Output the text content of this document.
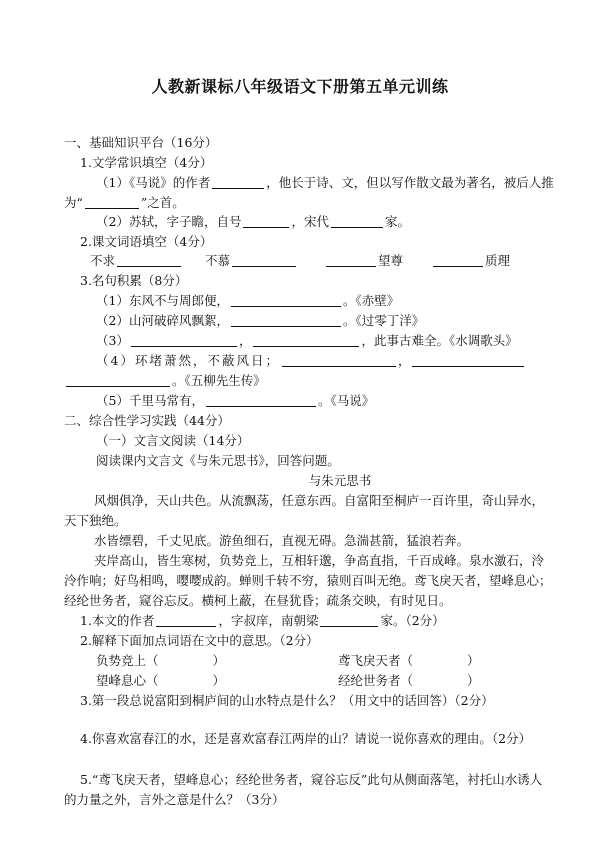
人教新课标八年级语文下册第五单元训练
一、基础知识平台（16分）
1.文学常识填空（4分）
（1）《马说》的作者	，他长于诗、文，但以写作散文最为著名，被后人推
为“	”之首。
（2）苏轼，字子瞻，自号	，宋代	家。
2.课文词语填空（4分）
不求	不慕	望尊	质理
3.名句积累（8分）
（1）东风不与周郎便，	。《赤壁》
（2）山河破碎风飘絮，	。《过零丁洋》
（3）	，	，此事古难全。《水调歌头》
（4）环堵萧然，不蔽风日；	，
。《五柳先生传》
（5）千里马常有，	。《马说》
二、综合性学习实践（44分）
（一）文言文阅读（14分）
阅读课内文言文《与朱元思书》，回答问题。
与朱元思书
风烟俱净，天山共色。从流飘荡，任意东西。自富阳至桐庐一百许里，奇山异水，
天下独绝。
水皆缥碧，千丈见底。游鱼细石，直视无碍。急湍甚箭，猛浪若奔。
夹岸高山，皆生寒树，负势竞上，互相轩邈，争高直指，千百成峰。泉水激石，泠
泠作响；好鸟相鸣，嘤嘤成韵。蝉则千转不穷，猿则百叫无绝。鸢飞戾天者，望峰息心；
经纶世务者，窥谷忘反。横柯上蔽，在昼犹昏；疏条交映，有时见日。
1.本文的作者	，字叔庠，南朝梁	家。（2分）
2.解释下面加点词语在文中的意思。（2分）
负势竞上（	）	鸢飞戾天者（	）
望峰息心（	）	经纶世务者（	）
3.第一段总说富阳到桐庐间的山水特点是什么？（用文中的话回答）（2分）
4.你喜欢富春江的水，还是喜欢富春江两岸的山？请说一说你喜欢的理由。（2分）
5.“鸢飞戾天者，望峰息心；经纶世务者，窥谷忘反”此句从侧面落笔，衬托山水诱人
的力量之外，言外之意是什么？（3分）
